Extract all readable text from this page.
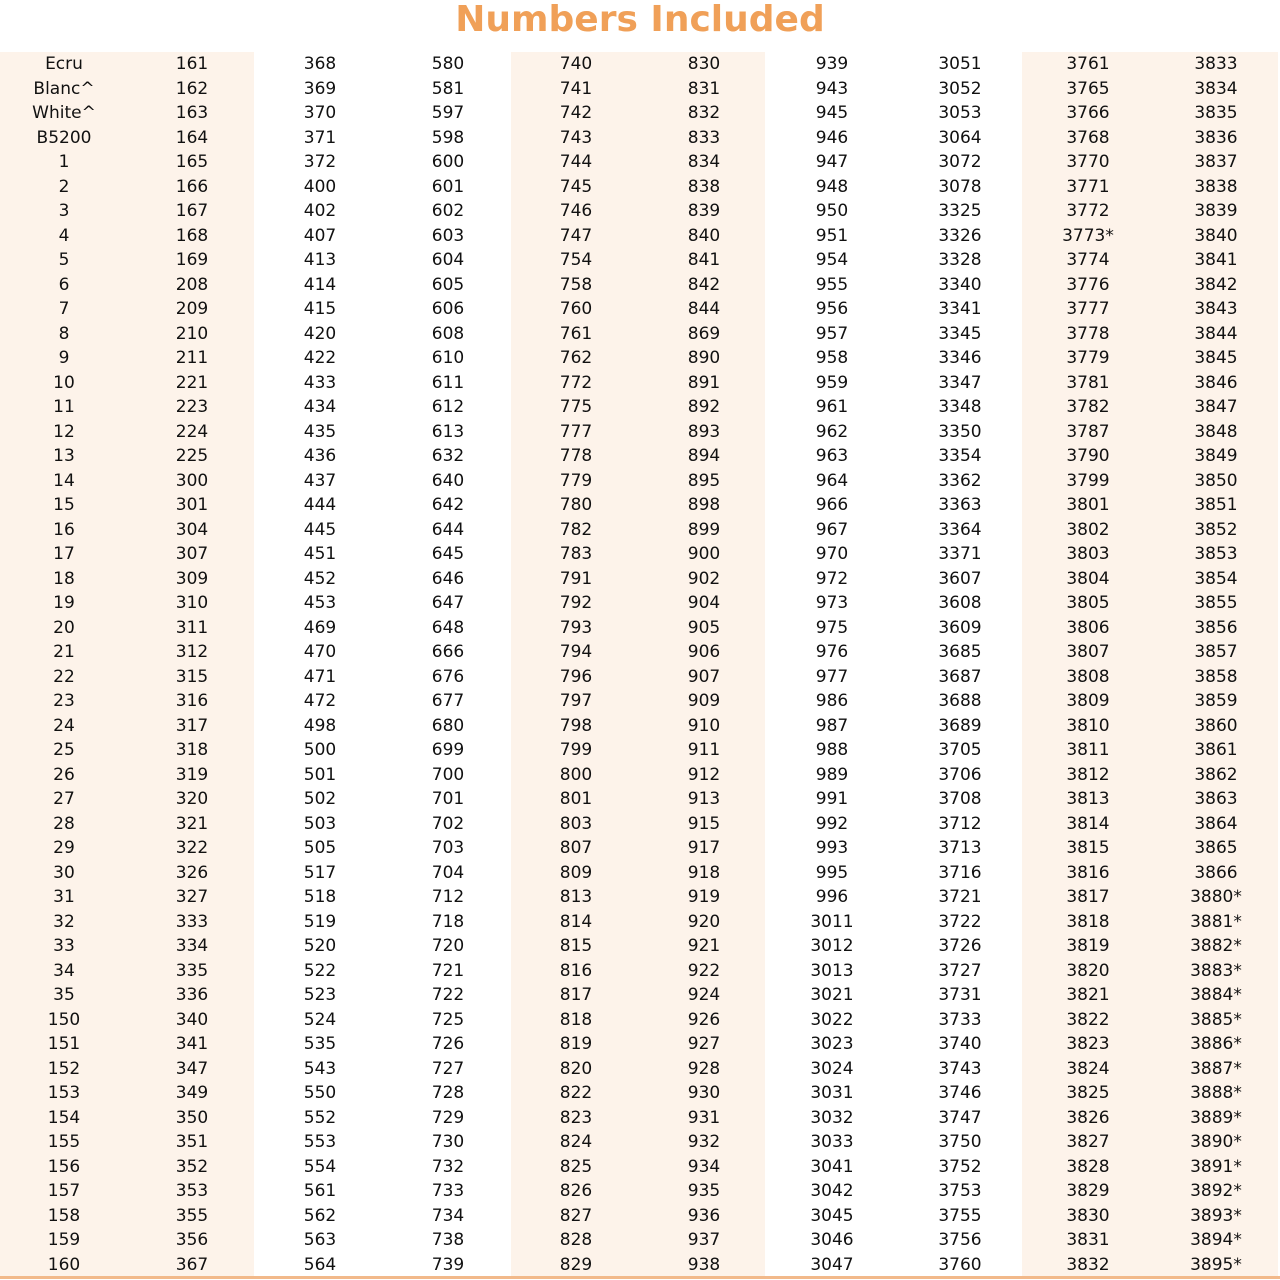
Numbers Included
Ecru
Blanc^
White^
B5200
1
2
3
4
5
6
7
8
9
10
11
12
13
14
15
16
17
18
19
20
21
22
23
24
25
26
27
28
29
30
31
32
33
34
35
150
151
152
153
154
155
156
157
158
159
160
161
162
163
164
165
166
167
168
169
208
209
210
211
221
223
224
225
300
301
304
307
309
310
311
312
315
316
317
318
319
320
321
322
326
327
333
334
335
336
340
341
347
349
350
351
352
353
355
356
367
368
369
370
371
372
400
402
407
413
414
415
420
422
433
434
435
436
437
444
445
451
452
453
469
470
471
472
498
500
501
502
503
505
517
518
519
520
522
523
524
535
543
550
552
553
554
561
562
563
564
580
581
597
598
600
601
602
603
604
605
606
608
610
611
612
613
632
640
642
644
645
646
647
648
666
676
677
680
699
700
701
702
703
704
712
718
720
721
722
725
726
727
728
729
730
732
733
734
738
739
740
741
742
743
744
745
746
747
754
758
760
761
762
772
775
777
778
779
780
782
783
791
792
793
794
796
797
798
799
800
801
803
807
809
813
814
815
816
817
818
819
820
822
823
824
825
826
827
828
829
830
831
832
833
834
838
839
840
841
842
844
869
890
891
892
893
894
895
898
899
900
902
904
905
906
907
909
910
911
912
913
915
917
918
919
920
921
922
924
926
927
928
930
931
932
934
935
936
937
938
939
943
945
946
947
948
950
951
954
955
956
957
958
959
961
962
963
964
966
967
970
972
973
975
976
977
986
987
988
989
991
992
993
995
996
3011
3012
3013
3021
3022
3023
3024
3031
3032
3033
3041
3042
3045
3046
3047
3051
3052
3053
3064
3072
3078
3325
3326
3328
3340
3341
3345
3346
3347
3348
3350
3354
3362
3363
3364
3371
3607
3608
3609
3685
3687
3688
3689
3705
3706
3708
3712
3713
3716
3721
3722
3726
3727
3731
3733
3740
3743
3746
3747
3750
3752
3753
3755
3756
3760
3761
3765
3766
3768
3770
3771
3772
3773*
3774
3776
3777
3778
3779
3781
3782
3787
3790
3799
3801
3802
3803
3804
3805
3806
3807
3808
3809
3810
3811
3812
3813
3814
3815
3816
3817
3818
3819
3820
3821
3822
3823
3824
3825
3826
3827
3828
3829
3830
3831
3832
3833
3834
3835
3836
3837
3838
3839
3840
3841
3842
3843
3844
3845
3846
3847
3848
3849
3850
3851
3852
3853
3854
3855
3856
3857
3858
3859
3860
3861
3862
3863
3864
3865
3866
3880*
3881*
3882*
3883*
3884*
3885*
3886*
3887*
3888*
3889*
3890*
3891*
3892*
3893*
3894*
3895*
